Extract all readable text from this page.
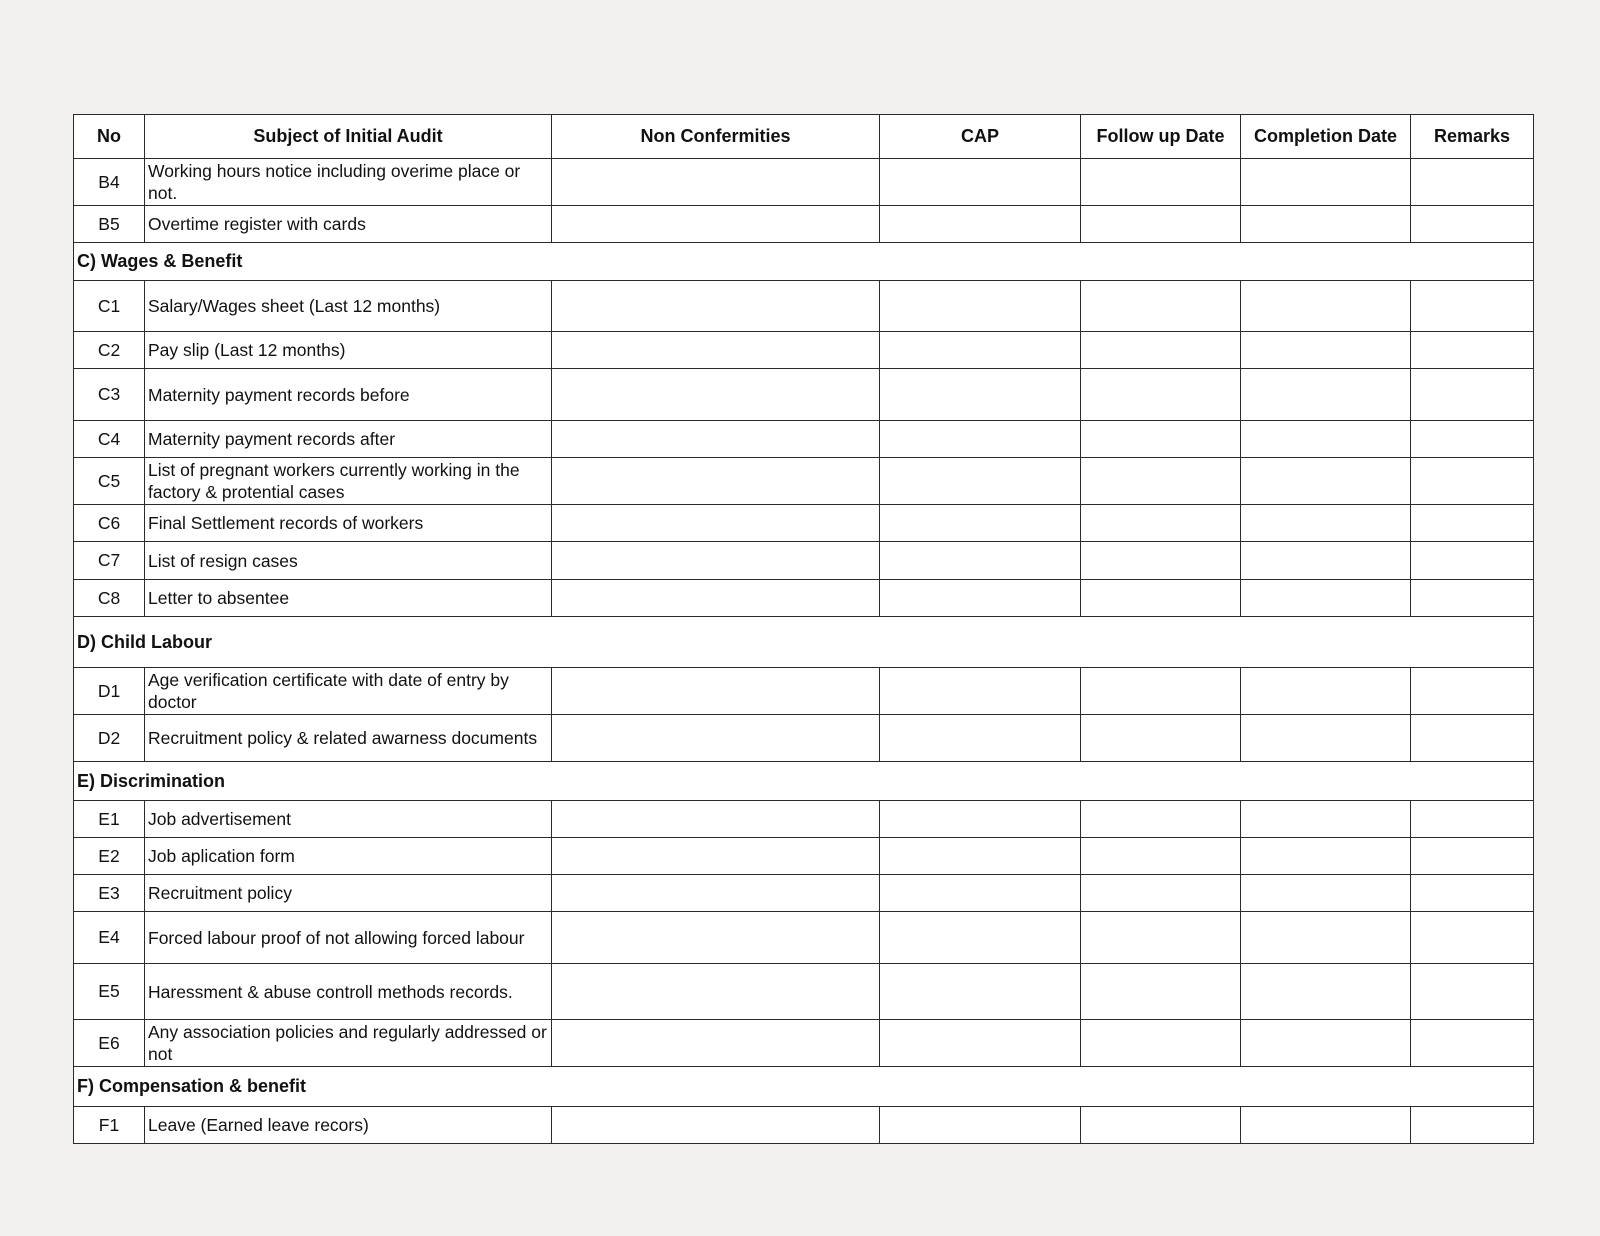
No	Subject of Initial Audit	Non Confermities	CAP	Follow up Date	Completion Date	Remarks
B4	Working hours notice including overime place or not.					
B5	Overtime register with cards					
C) Wages & Benefit						
C1	Salary/Wages sheet (Last 12 months)					
C2	Pay slip (Last 12 months)					
C3	Maternity payment records before					
C4	Maternity payment records after					
C5	List of pregnant workers currently working in the factory & protential cases					
C6	Final Settlement records of workers					
C7	List of resign cases					
C8	Letter to absentee					
D) Child Labour						
D1	Age verification certificate with date of entry by doctor					
D2	Recruitment policy & related awarness documents					
E) Discrimination						
E1	Job advertisement					
E2	Job aplication form					
E3	Recruitment policy					
E4	Forced labour proof of not allowing forced labour					
E5	Haressment & abuse controll methods records.					
E6	Any association policies and regularly addressed or not					
F) Compensation & benefit						
F1	Leave (Earned leave recors)					
